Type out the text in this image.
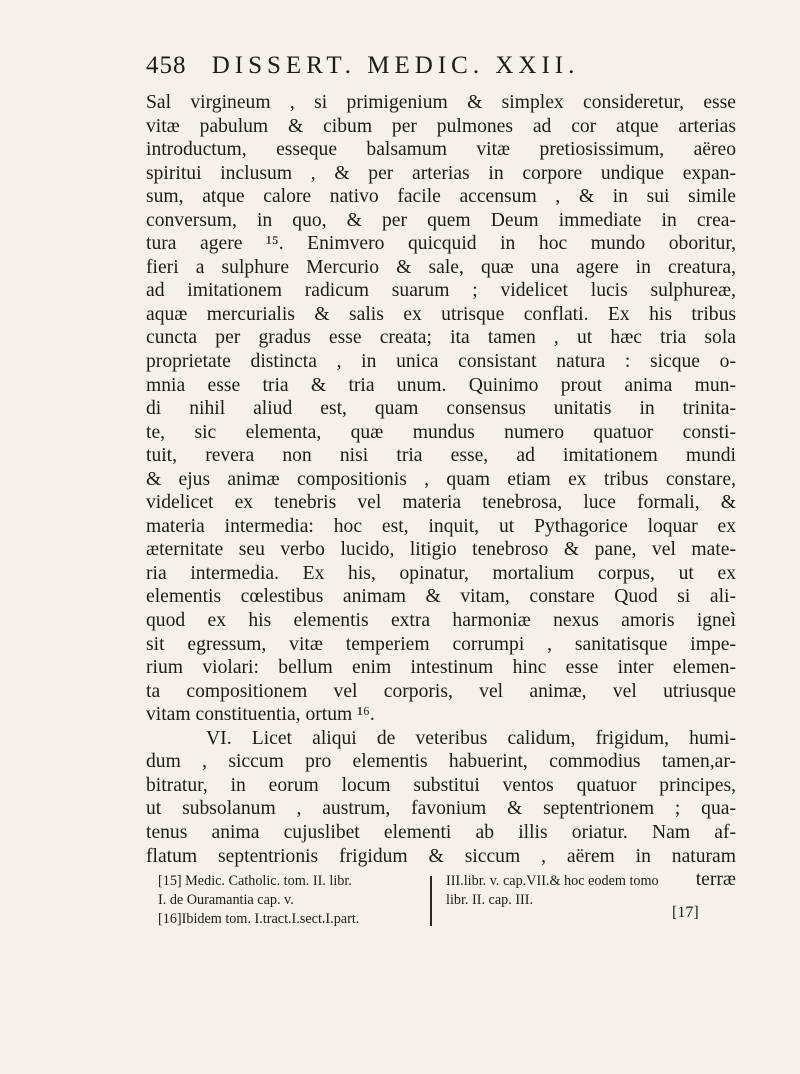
458 DISSERT. MEDIC. XXII.
Sal virgineum , si primigenium & simplex consideretur, esse
vitæ pabulum & cibum per pulmones ad cor atque arterias
introductum, esseque balsamum vitæ pretiosissimum, aëreo
spiritui inclusum , & per arterias in corpore undique expan-
sum, atque calore nativo facile accensum , & in sui simile
conversum, in quo, & per quem Deum immediate in crea-
tura agere ¹⁵. Enimvero quicquid in hoc mundo oboritur,
fieri a sulphure Mercurio & sale, quæ una agere in creatura,
ad imitationem radicum suarum ; videlicet lucis sulphureæ,
aquæ mercurialis & salis ex utrisque conflati. Ex his tribus
cuncta per gradus esse creata; ita tamen , ut hæc tria sola
proprietate distincta , in unica consistant natura : sicque o-
mnia esse tria & tria unum. Quinimo prout anima mun-
di nihil aliud est, quam consensus unitatis in trinita-
te, sic elementa, quæ mundus numero quatuor consti-
tuit, revera non nisi tria esse, ad imitationem mundi
& ejus animæ compositionis , quam etiam ex tribus constare,
videlicet ex tenebris vel materia tenebrosa, luce formali, &
materia intermedia: hoc est, inquit, ut Pythagorice loquar ex
æternitate seu verbo lucido, litigio tenebroso & pane, vel mate-
ria intermedia. Ex his, opinatur, mortalium corpus, ut ex
elementis cœlestibus animam & vitam, constare Quod si ali-
quod ex his elementis extra harmoniæ nexus amoris igneì
sit egressum, vitæ temperiem corrumpi , sanitatisque impe-
rium violari: bellum enim intestinum hinc esse inter elemen-
ta compositionem vel corporis, vel animæ, vel utriusque
vitam constituentia, ortum ¹⁶.
VI. Licet aliqui de veteribus calidum, frigidum, humi-
dum , siccum pro elementis habuerint, commodius tamen,ar-
bitratur, in eorum locum substitui ventos quatuor principes,
ut subsolanum , austrum, favonium & septentrionem ; qua-
tenus anima cujuslibet elementi ab illis oriatur. Nam af-
flatum septentrionis frigidum & siccum , aërem in naturam
terræ
[15] Medic. Catholic. tom. II. libr.
I. de Ouramantia cap. v.
[16]Ibidem tom. I.tract.I.sect.I.part.
III.libr. v. cap.VII.& hoc eodem tomo
libr. II. cap. III.
[17]
